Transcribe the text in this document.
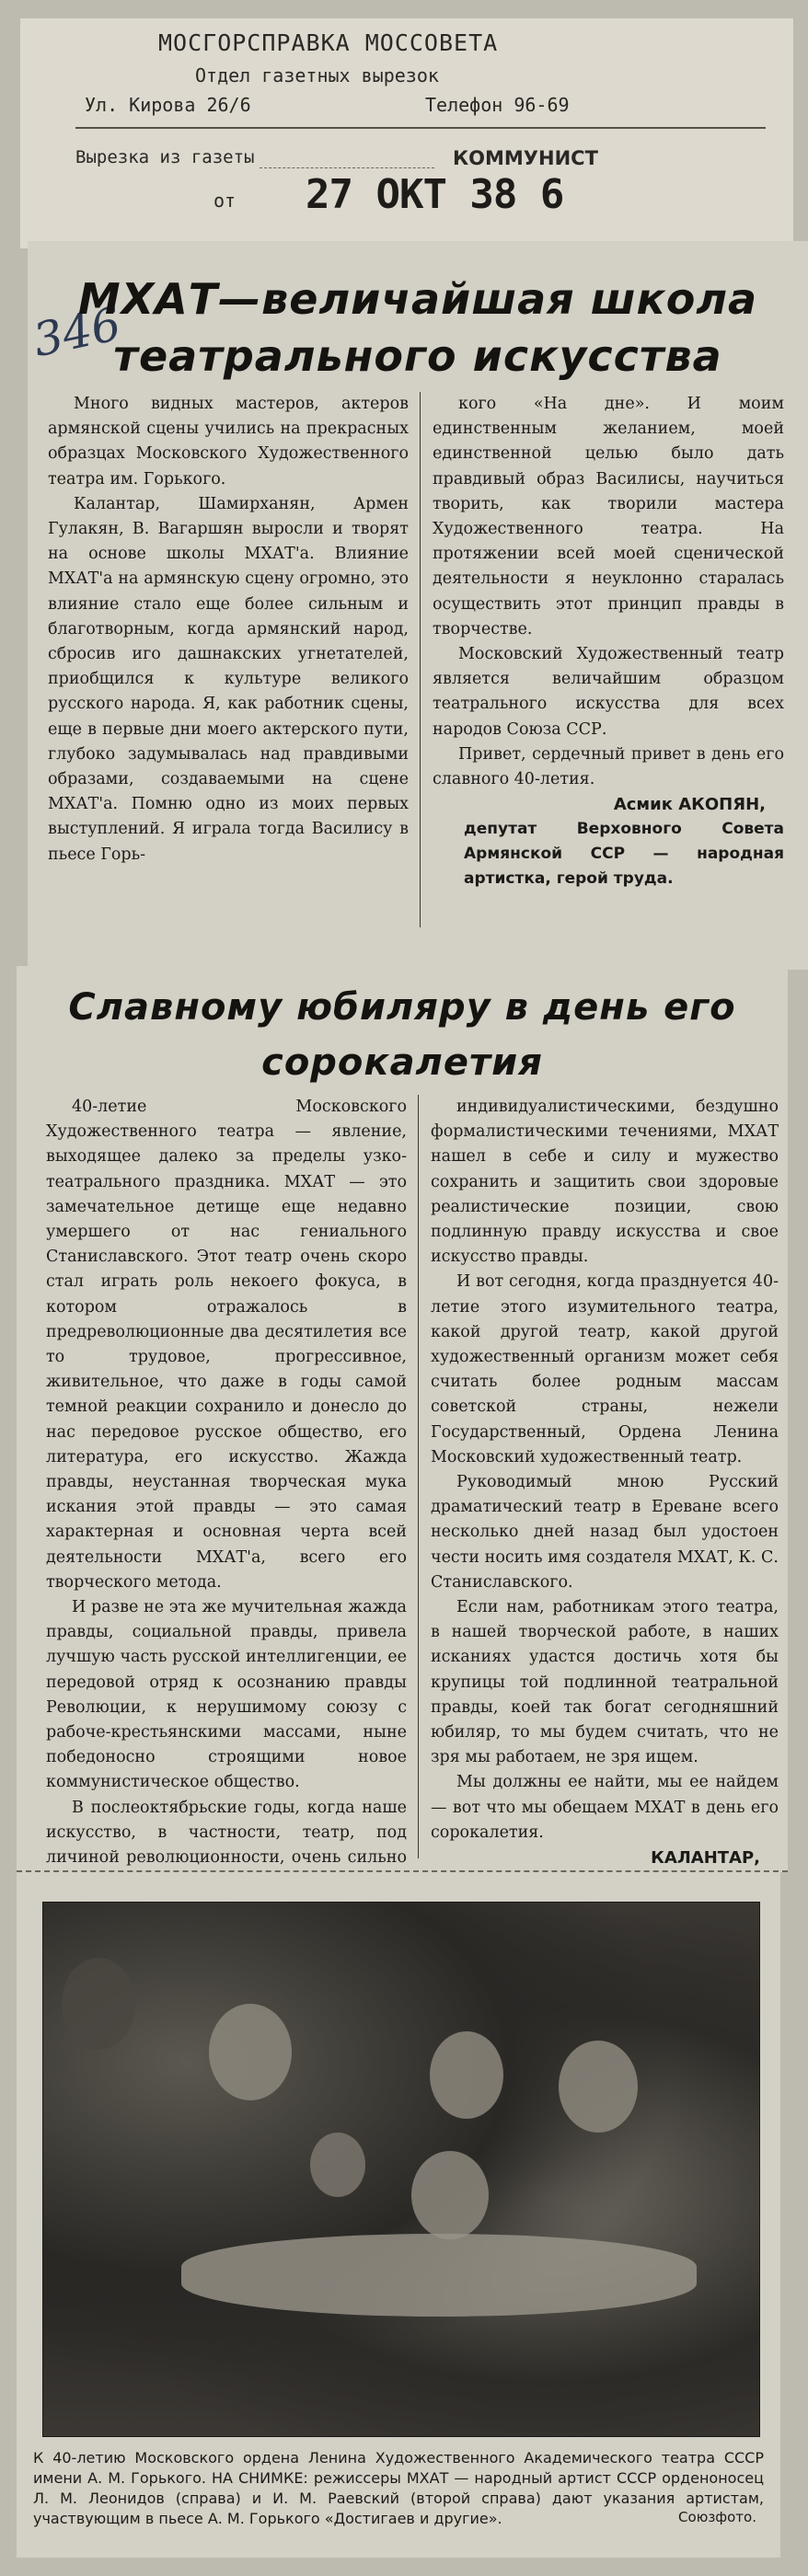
МОСГОРСПРАВКА МОССОВЕТА
Отдел газетных вырезок
Ул. Кирова 26/6	Телефон 96-69
Вырезка из газеты	КОММУНИСТ
от 27 ОКТ 38 6
346
МХАТ—величайшая школа
театрального искусства

Много видных мастеров, актеров армянской сцены учились на прекрасных образцах Московского Художественного театра им. Горького.

Калантар, Шамирханян, Армен Гулакян, В. Вагаршян выросли и творят на основе школы МХАТ'а. Влияние МХАТ'а на армянскую сцену огромно, это влияние стало еще более сильным и благотворным, когда армянский народ, сбросив иго дашнакских угнетателей, приобщился к культуре великого русского народа. Я, как работник сцены, еще в первые дни моего актерского пути, глубоко задумывалась над правдивыми образами, создаваемыми на сцене МХАТ'а. Помню одно из моих первых выступлений. Я играла тогда Василису в пьесе Горь-

кого «На дне». И моим единственным желанием, моей единственной целью было дать правдивый образ Василисы, научиться творить, как творили мастера Художественного театра. На протяжении всей моей сценической деятельности я неуклонно старалась осуществить этот принцип правды в творчестве.

Московский Художественный театр является величайшим образцом театрального искусства для всех народов Союза ССР.

Привет, сердечный привет в день его славного 40-летия.

Асмик АКОПЯН,

депутат Верховного Совета Армянской ССР — народная артистка, герой труда.

Славному юбиляру в день его
сорокалетия

40-летие Московского Художественного театра — явление, выходящее далеко за пределы узко-театрального праздника. МХАТ — это замечательное детище еще недавно умершего от нас гениального Станиславского. Этот театр очень скоро стал играть роль некоего фокуса, в котором отражалось в предреволюционные два десятилетия все то трудовое, прогрессивное, живительное, что даже в годы самой темной реакции сохранило и донесло до нас передовое русское общество, его литература, его искусство. Жажда правды, неустанная творческая мука искания этой правды — это самая характерная и основная черта всей деятельности МХАТ'а, всего его творческого метода.

И разве не эта же мучительная жажда правды, социальной правды, привела лучшую часть русской интеллигенции, ее передовой отряд к осознанию правды Революции, к нерушимому союзу с рабоче-крестьянскими массами, ныне победоносно строящими новое коммунистическое общество.

В послеоктябрьские годы, когда наше искусство, в частности, театр, под личиной революционности, очень сильно

индивидуалистическими, бездушно формалистическими течениями, МХАТ нашел в себе и силу и мужество сохранить и защитить свои здоровые реалистические позиции, свою подлинную правду искусства и свое искусство правды.

И вот сегодня, когда празднуется 40-летие этого изумительного театра, какой другой театр, какой другой художественный организм может себя считать более родным массам советской страны, нежели Государственный, Ордена Ленина Московский художественный театр.

Руководимый мною Русский драматический театр в Ереване всего несколько дней назад был удостоен чести носить имя создателя МХАТ, К. С. Станиславского.

Если нам, работникам этого театра, в нашей творческой работе, в наших исканиях удастся достичь хотя бы крупицы той подлинной театральной правды, коей так богат сегодняшний юбиляр, то мы будем считать, что не зря мы работаем, не зря ищем.

Мы должны ее найти, мы ее найдем — вот что мы обещаем МХАТ в день его сорокалетия.

КАЛАНТАР,
К 40-летию Московского ордена Ленина Художественного Академического театра СССР имени А. М. Горького. НА СНИМКЕ: режиссеры МХАТ — народный артист СССР орденоносец Л. М. Леонидов (справа) и И. М. Раевский (второй справа) дают указания артистам, участвующим в пьесе А. М. Горького «Достигаев и другие».	Союзфото.
